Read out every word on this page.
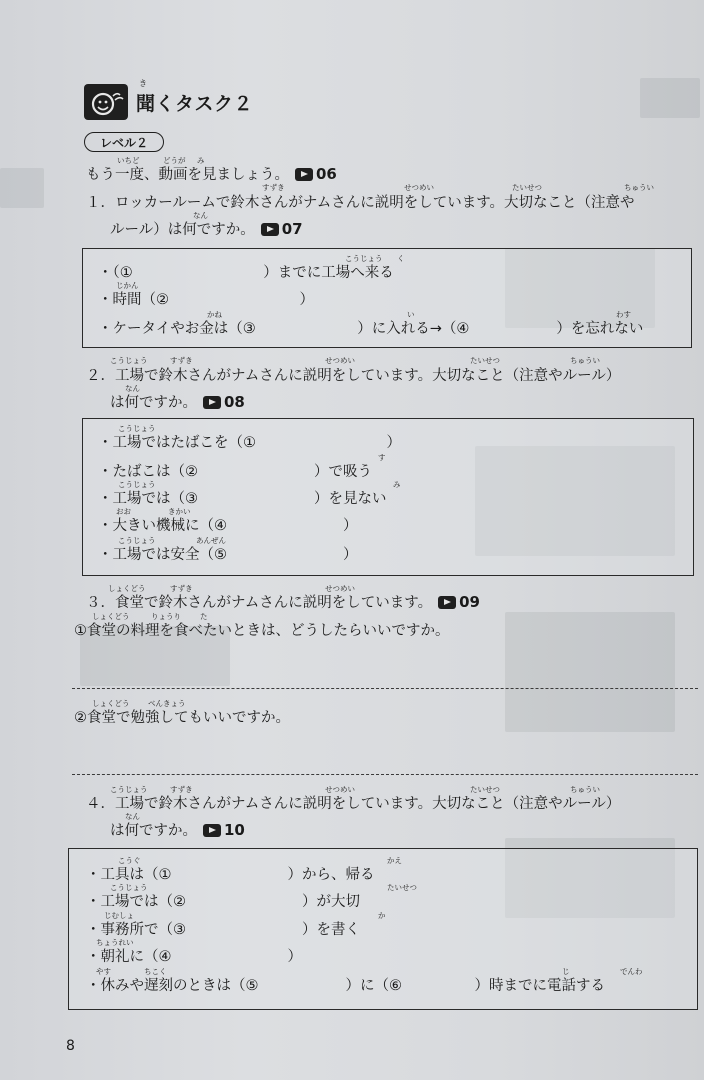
き
聞くタスク２
レベル２
いちど	どうが み
もう一度、動画を見ましょう。 06
すずき	せつめい	たいせつ	ちゅうい
１．ロッカールームで鈴木さんがナムさんに説明をしています。大切なこと（注意や
なん
ルール）は何ですか。 07
こうじょう く
・（①　　　　　　　　　）までに工場へ来る
じかん
・時間（②　　　　　　　　　）
かね	い	わす
・ケータイやお金は（③　　　　　　　）に入れる→（④　　　　　　）を忘れない
こうじょう	すずき	せつめい	たいせつ	ちゅうい
２．工場で鈴木さんがナムさんに説明をしています。大切なこと（注意やルール）
なん
は何ですか。 08
こうじょう
・工場ではたばこを（①　　　　　　　　　）
す
・たばこは（②　　　　　　　　）で吸う
こうじょう	み
・工場では（③　　　　　　　　）を見ない
おお	きかい
・大きい機械に（④　　　　　　　　）
こうじょう	あんぜん
・工場では安全（⑤　　　　　　　　）
しょくどう	すずき	せつめい
３．食堂で鈴木さんがナムさんに説明をしています。 09
しょくどう	りょうり	た
①食堂の料理を食べたいときは、どうしたらいいですか。
しょくどう べんきょう
②食堂で勉強してもいいですか。
こうじょう	すずき	せつめい	たいせつ	ちゅうい
４．工場で鈴木さんがナムさんに説明をしています。大切なこと（注意やルール）
なん
は何ですか。 10
こうぐ	かえ
・工具は（①　　　　　　　　）から、帰る
こうじょう	たいせつ
・工場では（②　　　　　　　　）が大切
じむしょ	か
・事務所で（③　　　　　　　　）を書く
ちょうれい
・朝礼に（④　　　　　　　　）
やす	ちこく	じ	でんわ
・休みや遅刻のときは（⑤　　　　　　）に（⑥　　　　　）時までに電話する
8
